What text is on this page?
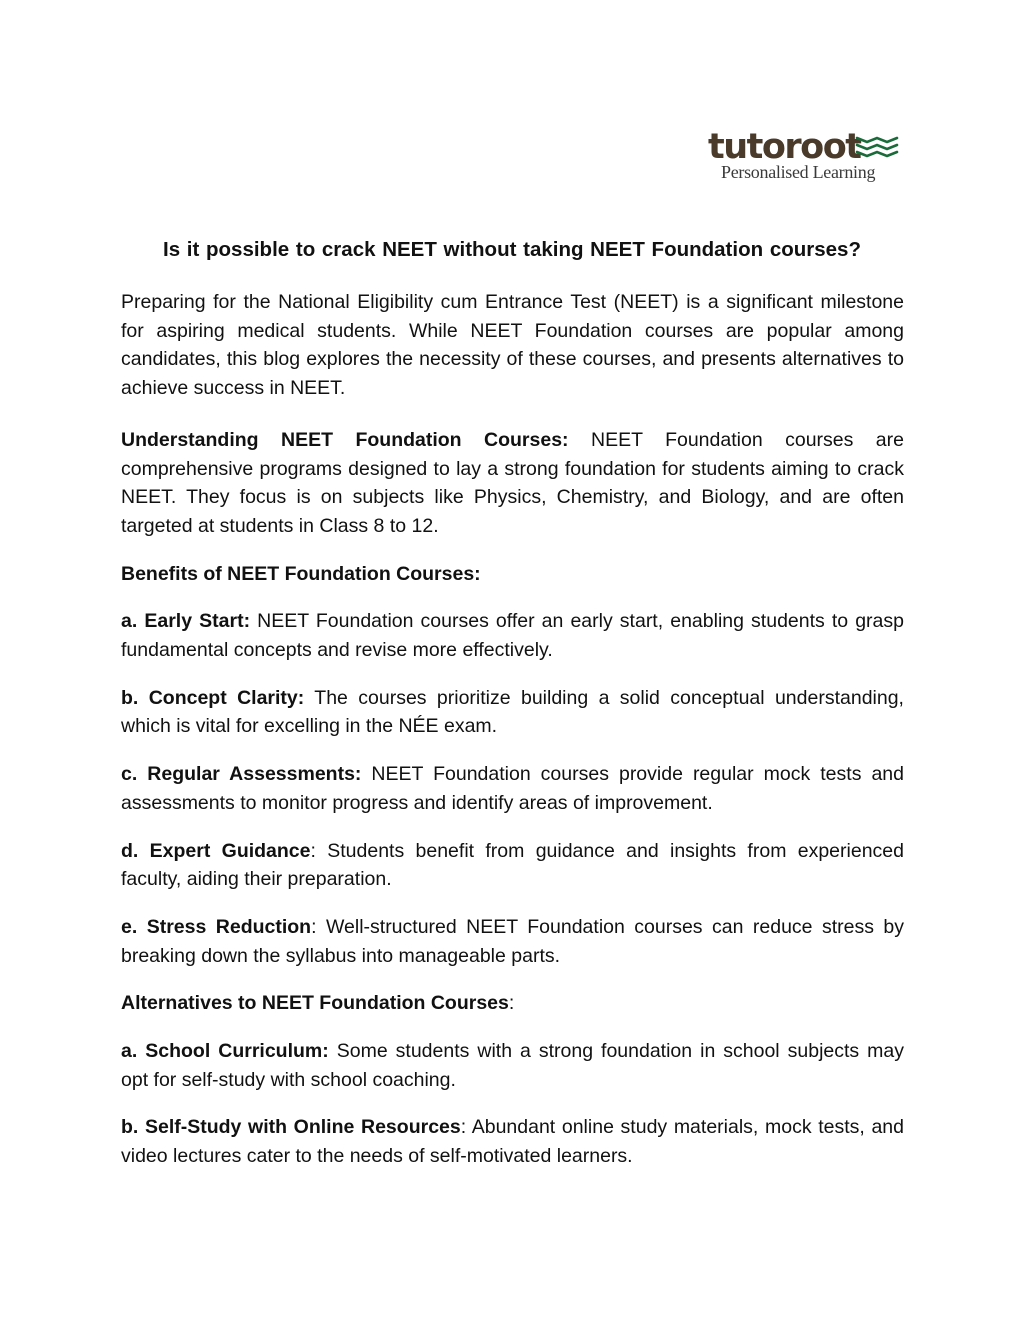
tutoroot
Personalised Learning
Is it possible to crack NEET without taking NEET Foundation courses?

Preparing for the National Eligibility cum Entrance Test (NEET) is a significant milestone for aspiring medical students. While NEET Foundation courses are popular among candidates, this blog explores the necessity of these courses, and presents alternatives to achieve success in NEET.

Understanding NEET Foundation Courses: NEET Foundation courses are comprehensive programs designed to lay a strong foundation for students aiming to crack NEET. They focus is on subjects like Physics, Chemistry, and Biology, and are often targeted at students in Class 8 to 12.

Benefits of NEET Foundation Courses:

a. Early Start: NEET Foundation courses offer an early start, enabling students to grasp fundamental concepts and revise more effectively.

b. Concept Clarity: The courses prioritize building a solid conceptual understanding, which is vital for excelling in the NÉE exam.

c. Regular Assessments: NEET Foundation courses provide regular mock tests and assessments to monitor progress and identify areas of improvement.

d. Expert Guidance: Students benefit from guidance and insights from experienced faculty, aiding their preparation.

e. Stress Reduction: Well-structured NEET Foundation courses can reduce stress by breaking down the syllabus into manageable parts.

Alternatives to NEET Foundation Courses:

a. School Curriculum: Some students with a strong foundation in school subjects may opt for self-study with school coaching.

b. Self-Study with Online Resources: Abundant online study materials, mock tests, and video lectures cater to the needs of self-motivated learners.
